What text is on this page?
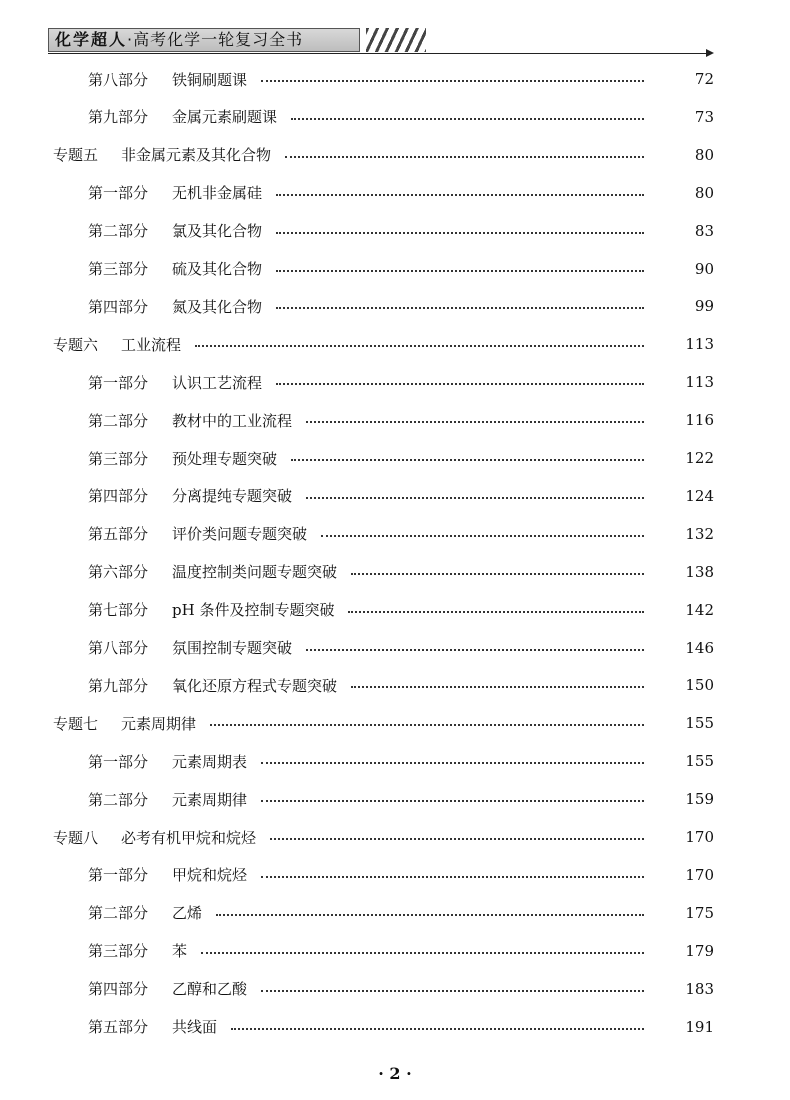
化学超人·高考化学一轮复习全书
第八部分	铁铜刷题课	72
第九部分	金属元素刷题课	73
专题五	非金属元素及其化合物	80
第一部分	无机非金属硅	80
第二部分	氯及其化合物	83
第三部分	硫及其化合物	90
第四部分	氮及其化合物	99
专题六	工业流程	113
第一部分	认识工艺流程	113
第二部分	教材中的工业流程	116
第三部分	预处理专题突破	122
第四部分	分离提纯专题突破	124
第五部分	评价类问题专题突破	132
第六部分	温度控制类问题专题突破	138
第七部分	pH 条件及控制专题突破	142
第八部分	氛围控制专题突破	146
第九部分	氧化还原方程式专题突破	150
专题七	元素周期律	155
第一部分	元素周期表	155
第二部分	元素周期律	159
专题八	必考有机甲烷和烷烃	170
第一部分	甲烷和烷烃	170
第二部分	乙烯	175
第三部分	苯	179
第四部分	乙醇和乙酸	183
第五部分	共线面	191
· 2 ·
